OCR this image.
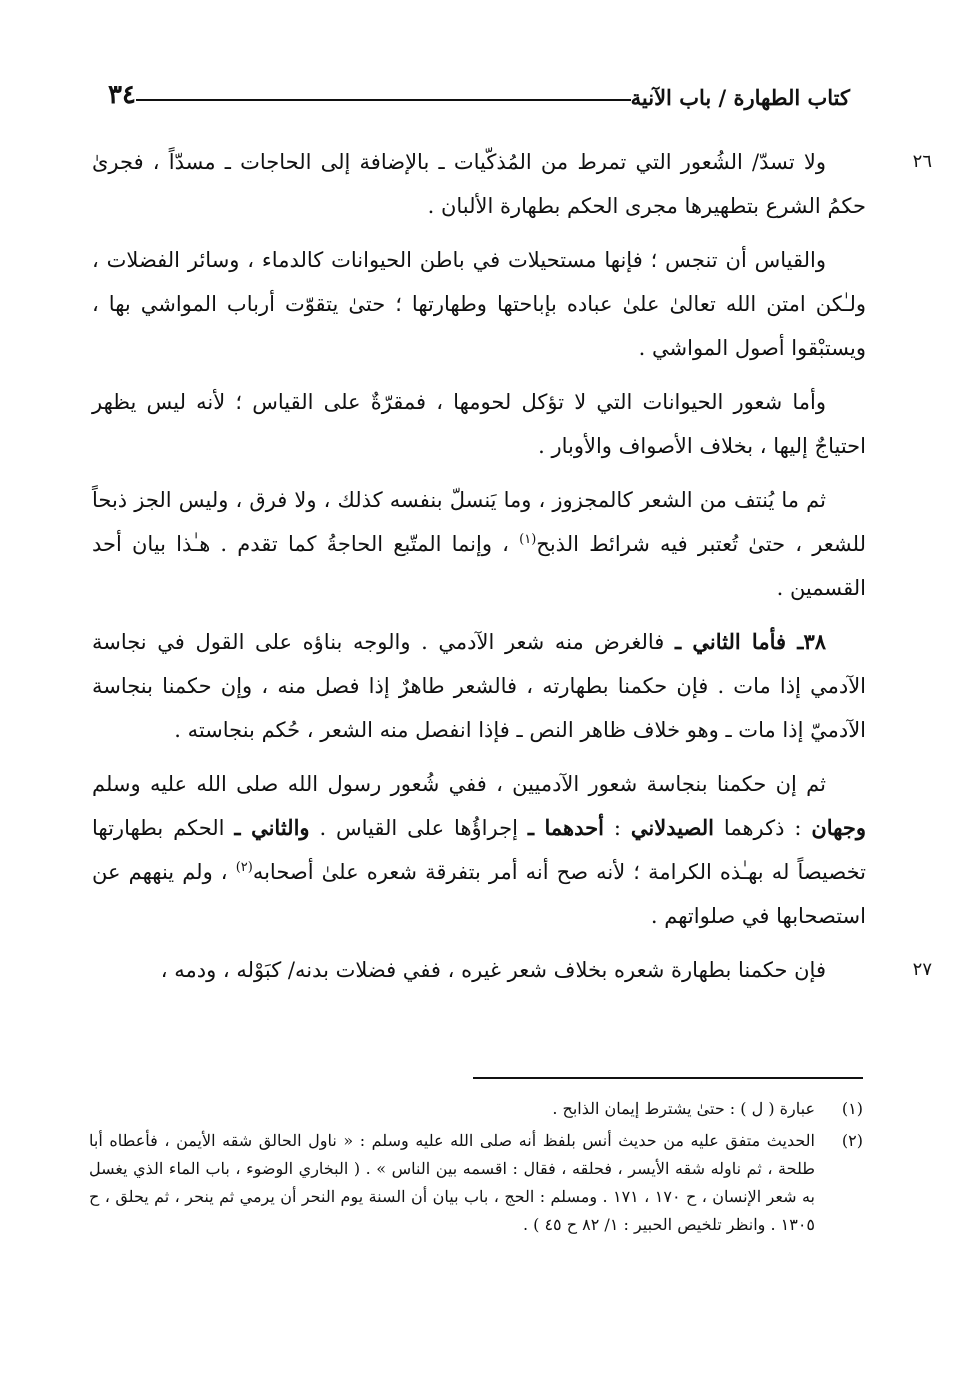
كتاب الطهارة / باب الآنية
٣٤

٢٦
ولا تسدّ/ الشُعور التي تمرط من المُذكّيات ـ بالإضافة إلى الحاجات ـ مسدّاً ، فجرىٰ حكمُ الشرع بتطهيرها مجرى الحكم بطهارة الألبان .

والقياس أن تنجس ؛ فإنها مستحيلات في باطن الحيوانات كالدماء ، وسائر الفضلات ، ولـٰكن امتن الله تعالىٰ علىٰ عباده بإباحتها وطهارتها ؛ حتىٰ يتقوّت أرباب المواشي بها ، ويستبْقوا أصول المواشي .

وأما شعور الحيوانات التي لا تؤكل لحومها ، فمقرّةٌ على القياس ؛ لأنه ليس يظهر احتياجٌ إليها ، بخلاف الأصواف والأوبار .

ثم ما يُنتف من الشعر كالمجزوز ، وما يَنسلّ بنفسه كذلك ، ولا فرق ، وليس الجز ذبحاً للشعر ، حتىٰ تُعتبر فيه شرائط الذبح$^{(١)}$ ، وإنما المتّبع الحاجةُ كما تقدم . هـٰذا بيان أحد القسمين .

٣٨ـ فأما الثاني ـ فالغرض منه شعر الآدمي . والوجه بناؤه على القول في نجاسة الآدمي إذا مات . فإن حكمنا بطهارته ، فالشعر طاهرٌ إذا فصل منه ، وإن حكمنا بنجاسة الآدميّ إذا مات ـ وهو خلاف ظاهر النص ـ فإذا انفصل منه الشعر ، حُكم بنجاسته .

ثم إن حكمنا بنجاسة شعور الآدميين ، ففي شُعور رسول الله صلى الله عليه وسلم وجهان : ذكرهما الصيدلاني : أحدهما ـ إجراؤُها على القياس . والثاني ـ الحكم بطهارتها تخصيصاً له بهـٰذه الكرامة ؛ لأنه صح أنه أمر بتفرقة شعره علىٰ أصحابه$^{(٢)}$ ، ولم ينههم عن استصحابها في صلواتهم .

٢٧
فإن حكمنا بطهارة شعره بخلاف شعر غيره ، ففي فضلات بدنه/ كبَوْله ، ودمه ،

(١)
عبارة ( ل ) : حتىٰ يشترط إيمان الذابح .
(٢)
الحديث متفق عليه من حديث أنس بلفظ أنه صلى الله عليه وسلم : « ناول الحالق شقه الأيمن ، فأعطاه أبا طلحة ، ثم ناوله شقه الأيسر ، فحلقه ، فقال : اقسمه بين الناس » . ( البخاري الوضوء ، باب الماء الذي يغسل به شعر الإنسان ، ح ١٧٠ ، ١٧١ . ومسلم : الحج ، باب بيان أن السنة يوم النحر أن يرمي ثم ينحر ، ثم يحلق ، ح ١٣٠٥ . وانظر تلخيص الحبير : ١/ ٨٢ ح ٤٥ ) .
